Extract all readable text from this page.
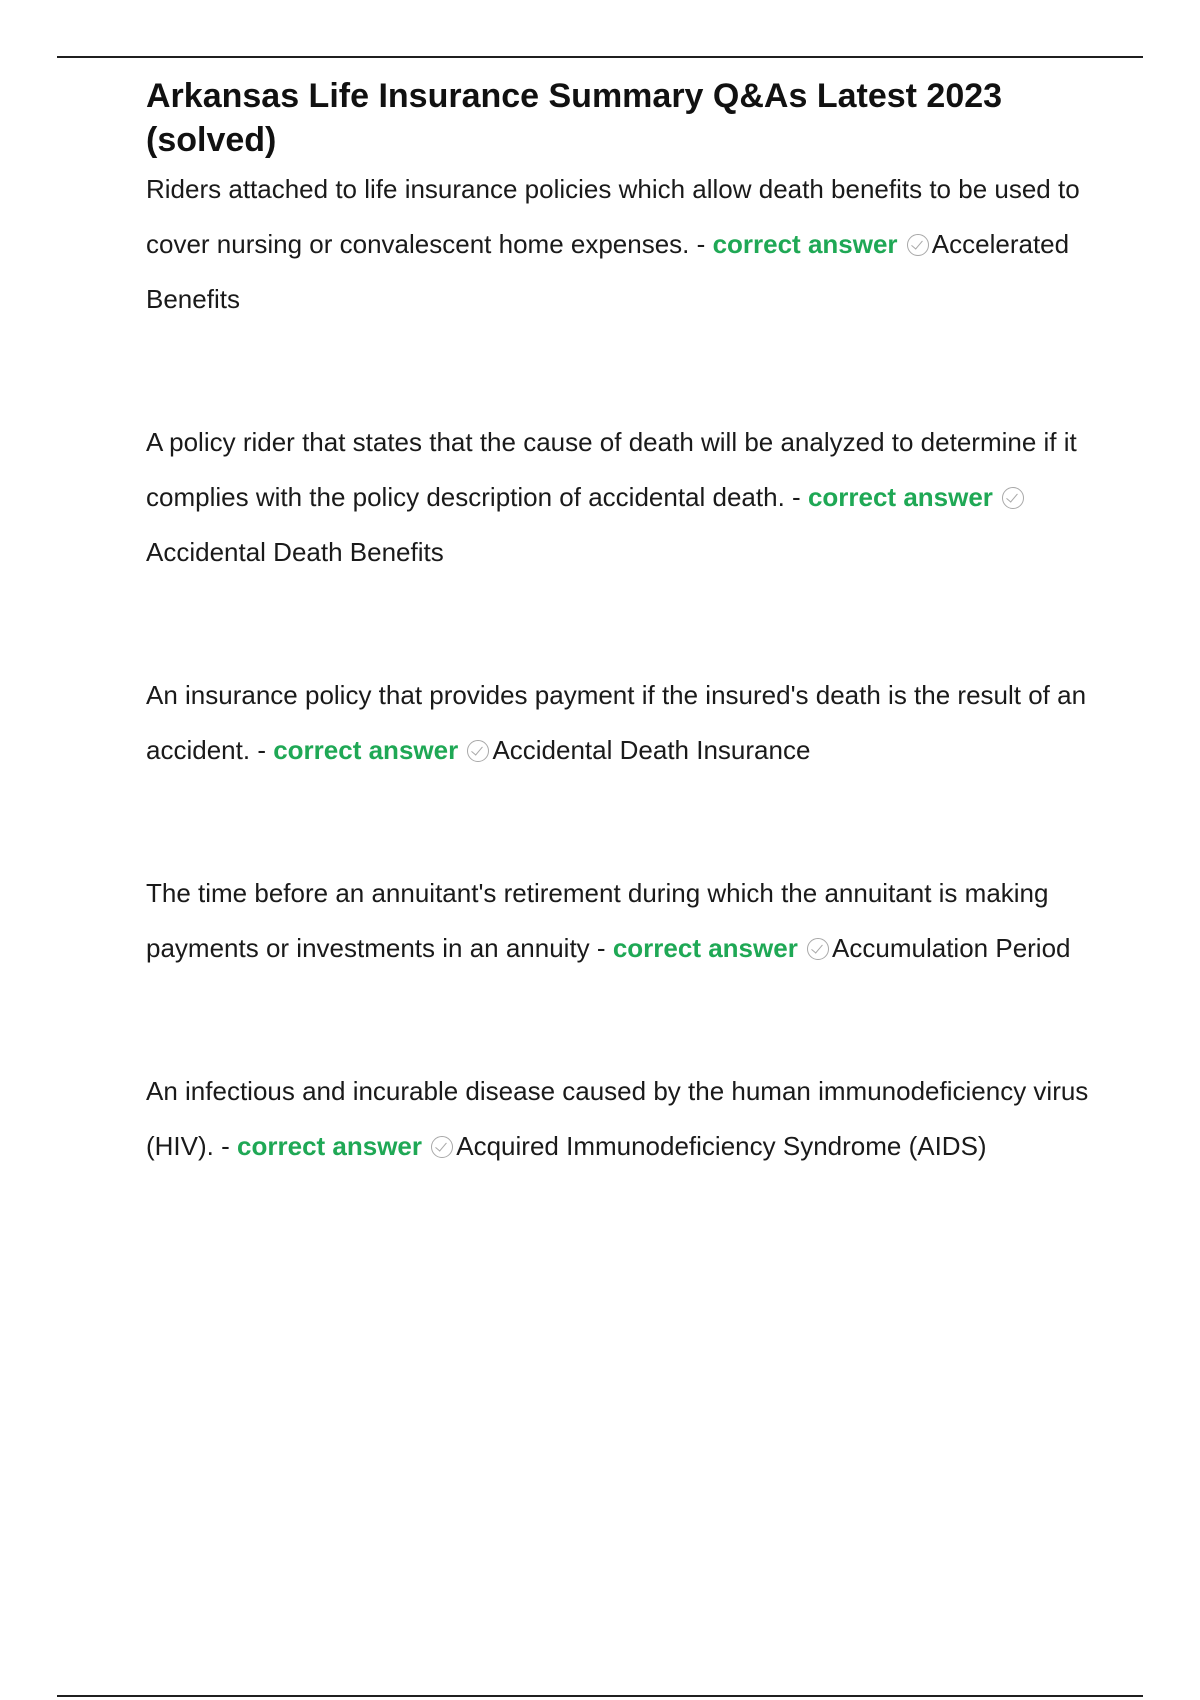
Arkansas Life Insurance Summary Q&As Latest 2023 (solved)

Riders attached to life insurance policies which allow death benefits to be used to cover nursing or convalescent home expenses. - correct answer Accelerated Benefits

A policy rider that states that the cause of death will be analyzed to determine if it complies with the policy description of accidental death. - correct answer Accidental Death Benefits

An insurance policy that provides payment if the insured's death is the result of an accident. - correct answer Accidental Death Insurance

The time before an annuitant's retirement during which the annuitant is making payments or investments in an annuity - correct answer Accumulation Period

An infectious and incurable disease caused by the human immunodeficiency virus (HIV). - correct answer Acquired Immunodeficiency Syndrome (AIDS)
